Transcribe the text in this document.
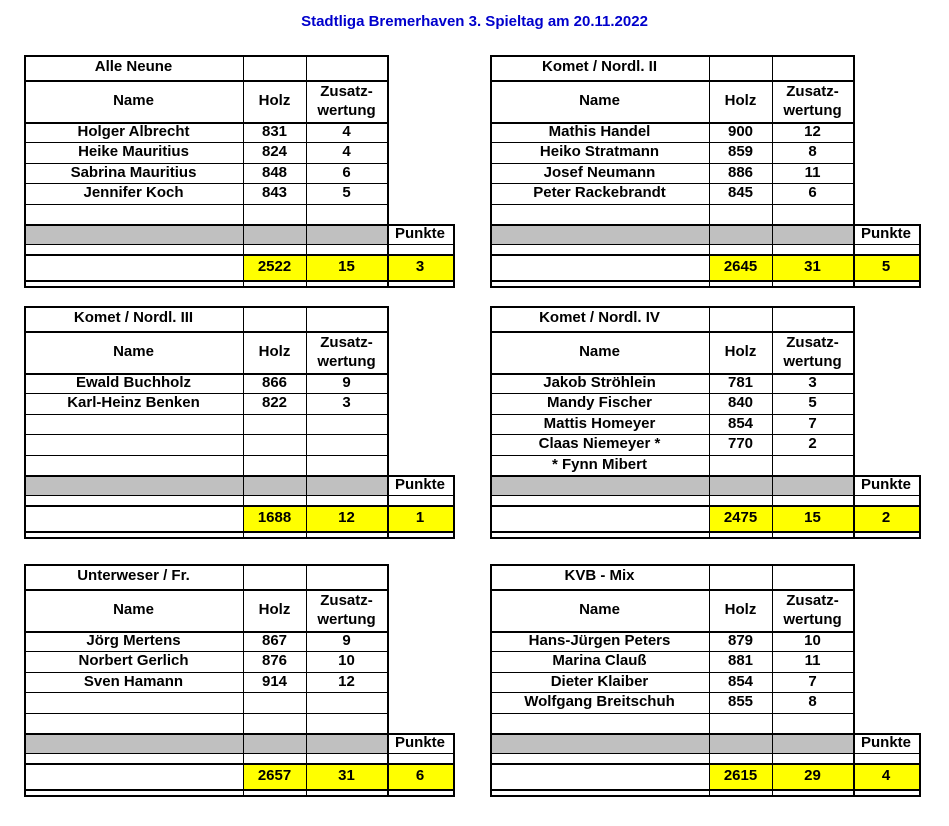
Stadtliga Bremerhaven 3. Spieltag am 20.11.2022
Alle Neune
Name	Holz
Zusatz-
wertung
Holger Albrecht	831	4
Heike Mauritius	824	4
Sabrina Mauritius	848	6
Jennifer Koch	843	5
Punkte
2522	15	3
Komet / Nordl. II
Name	Holz
Zusatz-
wertung
Mathis Handel	900	12
Heiko Stratmann	859	8
Josef Neumann	886	11
Peter Rackebrandt	845	6
Punkte
2645	31	5
Komet / Nordl. III
Name	Holz
Zusatz-
wertung
Ewald Buchholz	866	9
Karl-Heinz Benken	822	3
Punkte
1688	12	1
Komet / Nordl. IV
Name	Holz
Zusatz-
wertung
Jakob Ströhlein	781	3
Mandy Fischer	840	5
Mattis Homeyer	854	7
Claas Niemeyer *	770	2
* Fynn Mibert
Punkte
2475	15	2
Unterweser / Fr.
Name	Holz
Zusatz-
wertung
Jörg Mertens	867	9
Norbert Gerlich	876	10
Sven Hamann	914	12
Punkte
2657	31	6
KVB - Mix
Name	Holz
Zusatz-
wertung
Hans-Jürgen Peters	879	10
Marina Clauß	881	11
Dieter Klaiber	854	7
Wolfgang Breitschuh	855	8
Punkte
2615	29	4
